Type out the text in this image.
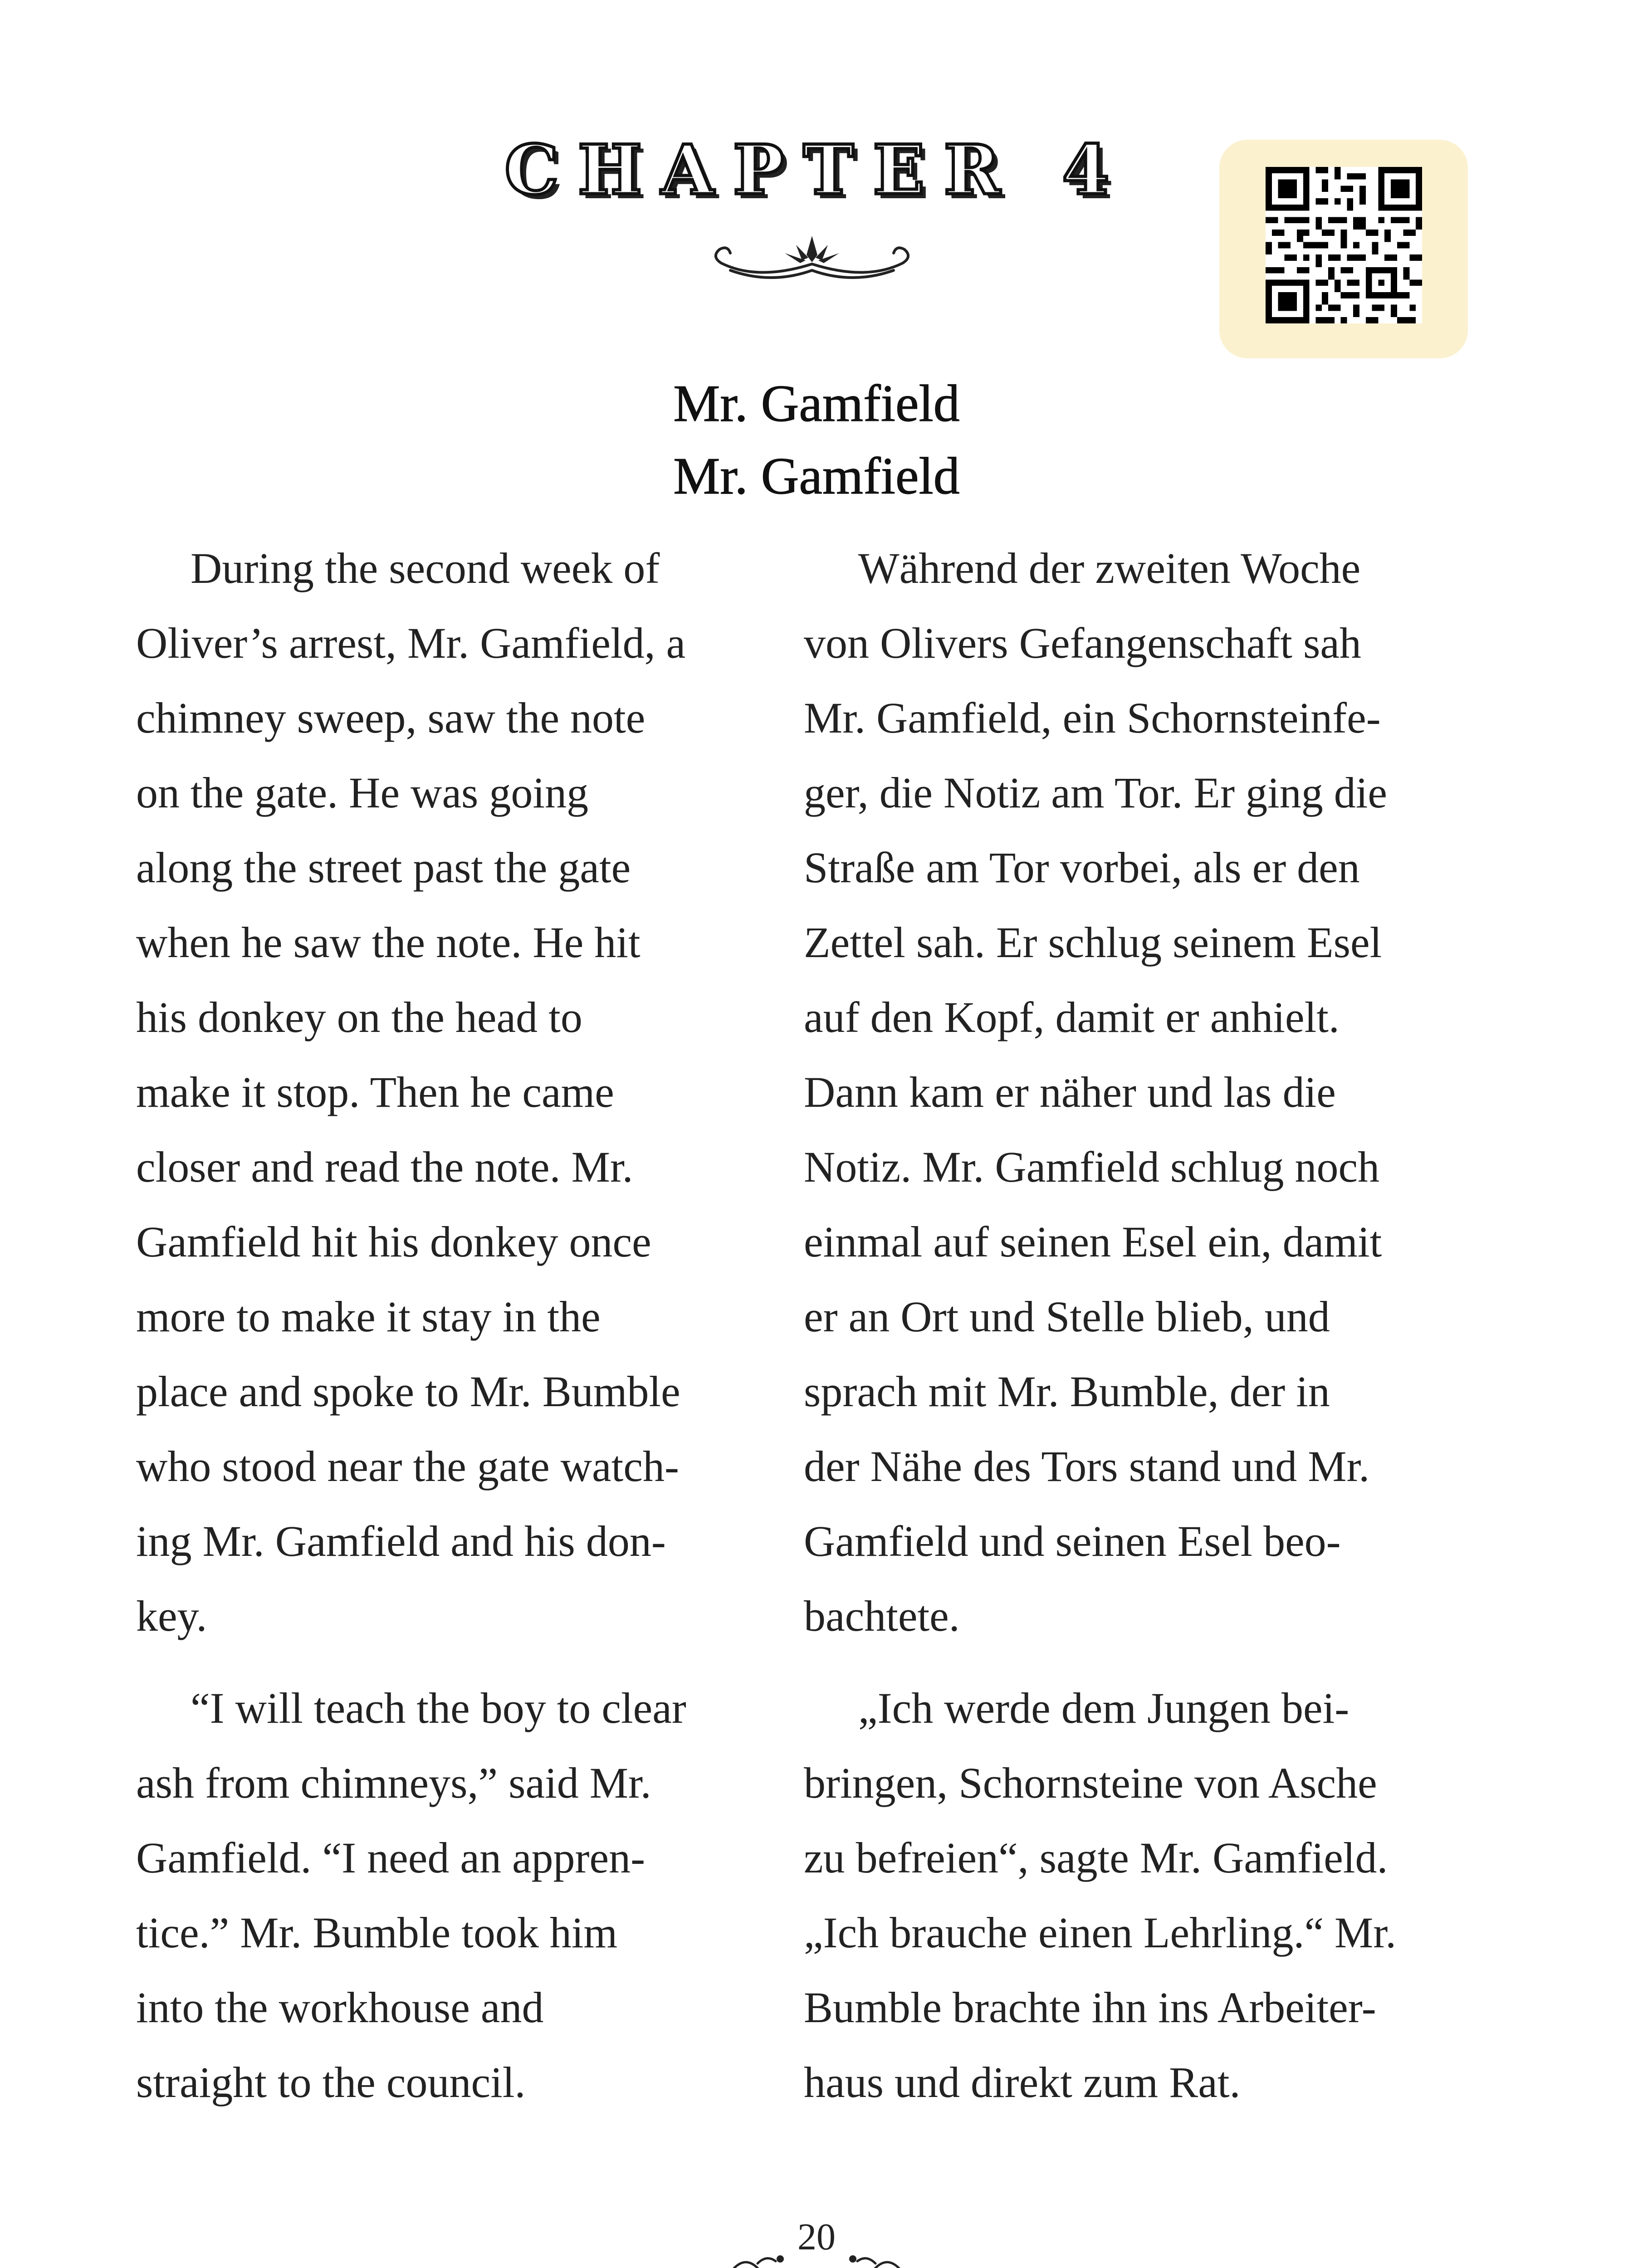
CHAPTER 4
Mr. Gamfield
Mr. Gamfield
During the second week of
Oliver’s arrest, Mr. Gamfield, a
chimney sweep, saw the note
on the gate. He was going
along the street past the gate
when he saw the note. He hit
his donkey on the head to
make it stop. Then he came
closer and read the note. Mr.
Gamfield hit his donkey once
more to make it stay in the
place and spoke to Mr. Bumble
who stood near the gate watch-
ing Mr. Gamfield and his don-
key.
“I will teach the boy to clear
ash from chimneys,” said Mr.
Gamfield. “I need an appren-
tice.” Mr. Bumble took him
into the workhouse and
straight to the council.
Während der zweiten Woche
von Olivers Gefangenschaft sah
Mr. Gamfield, ein Schornsteinfe-
ger, die Notiz am Tor. Er ging die
Straße am Tor vorbei, als er den
Zettel sah. Er schlug seinem Esel
auf den Kopf, damit er anhielt.
Dann kam er näher und las die
Notiz. Mr. Gamfield schlug noch
einmal auf seinen Esel ein, damit
er an Ort und Stelle blieb, und
sprach mit Mr. Bumble, der in
der Nähe des Tors stand und Mr.
Gamfield und seinen Esel beo-
bachtete.
„Ich werde dem Jungen bei-
bringen, Schornsteine von Asche
zu befreien“, sagte Mr. Gamfield.
„Ich brauche einen Lehrling.“ Mr.
Bumble brachte ihn ins Arbeiter-
haus und direkt zum Rat.
20
